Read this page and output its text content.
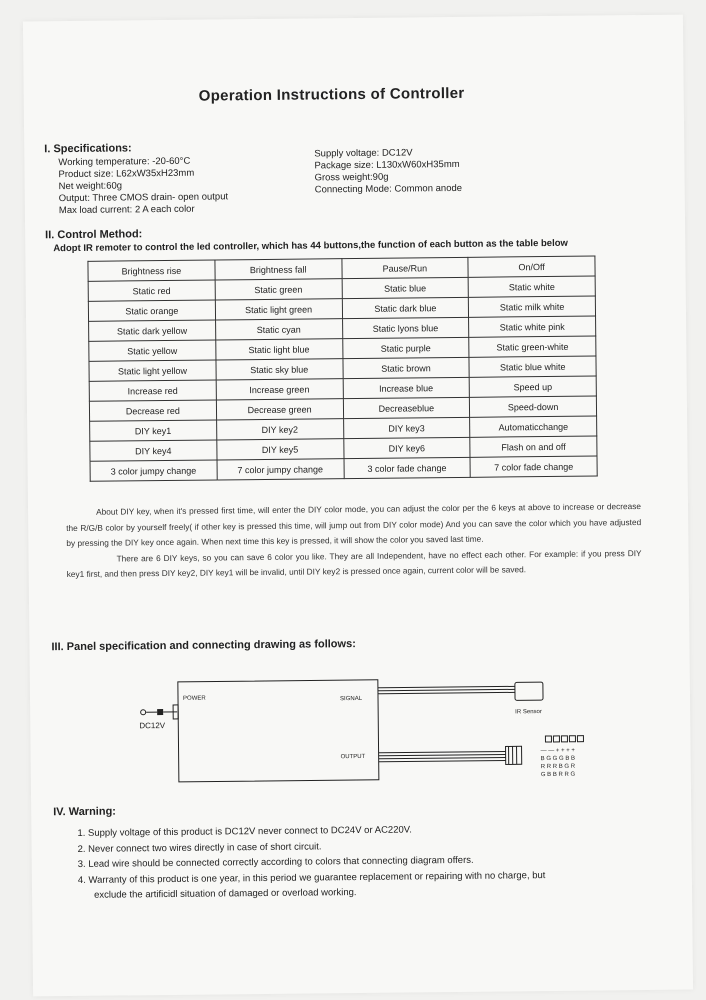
Operation Instructions of Controller
I. Specifications:
Working temperature: -20-60°C
Product size: L62xW35xH23mm
Net weight:60g
Output: Three CMOS drain- open output
Max load current: 2 A each color
Supply voltage: DC12V
Package size: L130xW60xH35mm
Gross weight:90g
Connecting Mode: Common anode
II. Control Method:
Adopt IR remoter to control the led controller, which has 44 buttons,the function of each button as the table below
Brightness rise	Brightness fall	Pause/Run	On/Off
Static red	Static green	Static blue	Static white
Static orange	Static light green	Static dark blue	Static milk white
Static dark yellow	Static cyan	Static lyons blue	Static white pink
Static yellow	Static light blue	Static purple	Static green-white
Static light yellow	Static sky blue	Static brown	Static blue white
Increase red	Increase green	Increase blue	Speed up
Decrease red	Decrease green	Decreaseblue	Speed-down
DIY key1	DIY key2	DIY key3	Automaticchange
DIY key4	DIY key5	DIY key6	Flash on and off
3 color jumpy change	7 color jumpy change	3 color fade change	7 color fade change

About DIY key, when it's pressed first time, will enter the DIY color mode, you can adjust the color per the 6 keys at above to increase or decrease the R/G/B color by yourself freely( if other key is pressed this time, will jump out from DIY color mode) And you can save the color which you have adjusted by pressing the DIY key once again. When next time this key is pressed, it will show the color you saved last time.

There are 6 DIY keys, so you can save 6 color you like. They are all Independent, have no effect each other. For example: if you press DIY key1 first, and then press DIY key2, DIY key1 will be invalid, until DIY key2 is pressed once again, current color will be saved.

III. Panel specification and connecting drawing as follows:
DC12V
POWER	SIGNAL
IR Sensor
OUTPUT
— — + + + +
B G G G B B
R R R B G R
G B B R R G
IV. Warning:
1. Supply voltage of this product is DC12V never connect to DC24V or AC220V.
2. Never connect two wires directly in case of short circuit.
3. Lead wire should be connected correctly according to colors that connecting diagram offers.
4. Warranty of this product is one year, in this period we guarantee replacement or repairing with no charge, but
exclude the artificidl situation of damaged or overload working.
